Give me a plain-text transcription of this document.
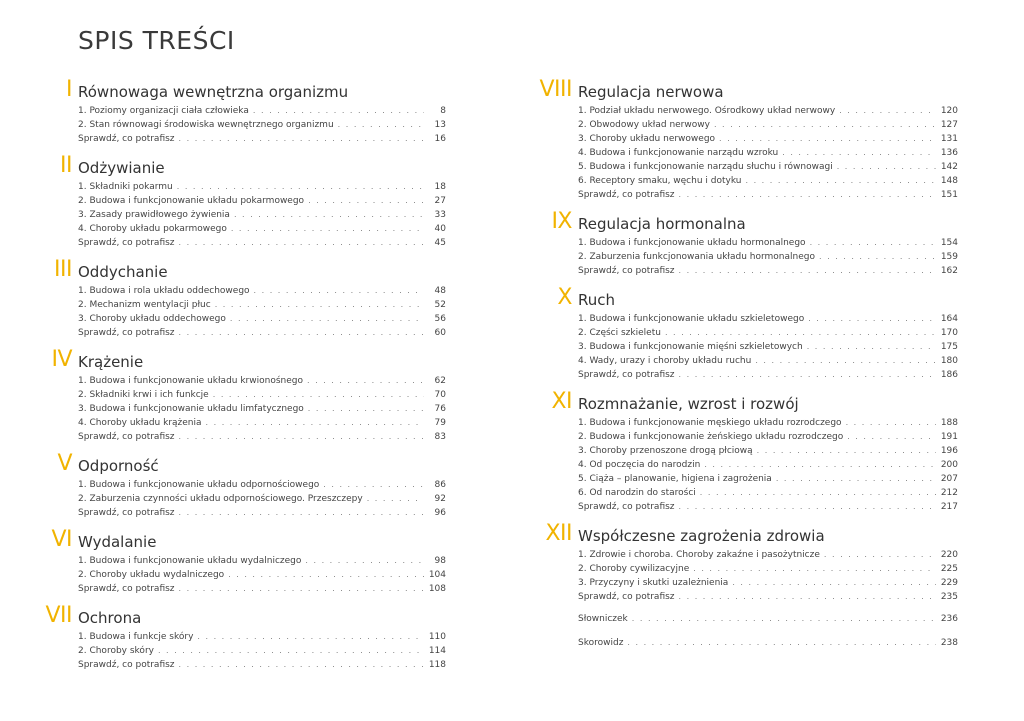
SPIS TREŚCI
I Równowaga wewnętrzna organizmu
1. Poziomy organizacji ciała człowieka . . .	8
2. Stan równowagi środowiska wewnętrznego organizmu . . .	13
Sprawdź, co potrafisz . . .	16
II Odżywianie
1. Składniki pokarmu . . .	18
2. Budowa i funkcjonowanie układu pokarmowego . . .	27
3. Zasady prawidłowego żywienia . . .	33
4. Choroby układu pokarmowego . . .	40
Sprawdź, co potrafisz . . .	45
III Oddychanie
1. Budowa i rola układu oddechowego . . .	48
2. Mechanizm wentylacji płuc . . .	52
3. Choroby układu oddechowego . . .	56
Sprawdź, co potrafisz . . .	60
IV Krążenie
1. Budowa i funkcjonowanie układu krwionośnego . . .	62
2. Składniki krwi i ich funkcje . . .	70
3. Budowa i funkcjonowanie układu limfatycznego . . .	76
4. Choroby układu krążenia . . .	79
Sprawdź, co potrafisz . . .	83
V Odporność
1. Budowa i funkcjonowanie układu odpornościowego . . .	86
2. Zaburzenia czynności układu odpornościowego. Przeszczepy . . .	92
Sprawdź, co potrafisz . . .	96
VI Wydalanie
1. Budowa i funkcjonowanie układu wydalniczego . . .	98
2. Choroby układu wydalniczego . . .	104
Sprawdź, co potrafisz . . .	108
VII Ochrona
1. Budowa i funkcje skóry . . .	110
2. Choroby skóry . . .	114
Sprawdź, co potrafisz . . .	118
VIII Regulacja nerwowa
1. Podział układu nerwowego. Ośrodkowy układ nerwowy . . .	120
2. Obwodowy układ nerwowy . . .	127
3. Choroby układu nerwowego . . .	131
4. Budowa i funkcjonowanie narządu wzroku . . .	136
5. Budowa i funkcjonowanie narządu słuchu i równowagi . . .	142
6. Receptory smaku, węchu i dotyku . . .	148
Sprawdź, co potrafisz . . .	151
IX Regulacja hormonalna
1. Budowa i funkcjonowanie układu hormonalnego . . .	154
2. Zaburzenia funkcjonowania układu hormonalnego . . .	159
Sprawdź, co potrafisz . . .	162
X Ruch
1. Budowa i funkcjonowanie układu szkieletowego . . .	164
2. Części szkieletu . . .	170
3. Budowa i funkcjonowanie mięśni szkieletowych . . .	175
4. Wady, urazy i choroby układu ruchu . . .	180
Sprawdź, co potrafisz . . .	186
XI Rozmnażanie, wzrost i rozwój
1. Budowa i funkcjonowanie męskiego układu rozrodczego . . .	188
2. Budowa i funkcjonowanie żeńskiego układu rozrodczego . . .	191
3. Choroby przenoszone drogą płciową . . .	196
4. Od poczęcia do narodzin . . .	200
5. Ciąża – planowanie, higiena i zagrożenia . . .	207
6. Od narodzin do starości . . .	212
Sprawdź, co potrafisz . . .	217
XII Współczesne zagrożenia zdrowia
1. Zdrowie i choroba. Choroby zakaźne i pasożytnicze . . .	220
2. Choroby cywilizacyjne . . .	225
3. Przyczyny i skutki uzależnienia . . .	229
Sprawdź, co potrafisz . . .	235
Słowniczek . . .	236
Skorowidz . . .	238
